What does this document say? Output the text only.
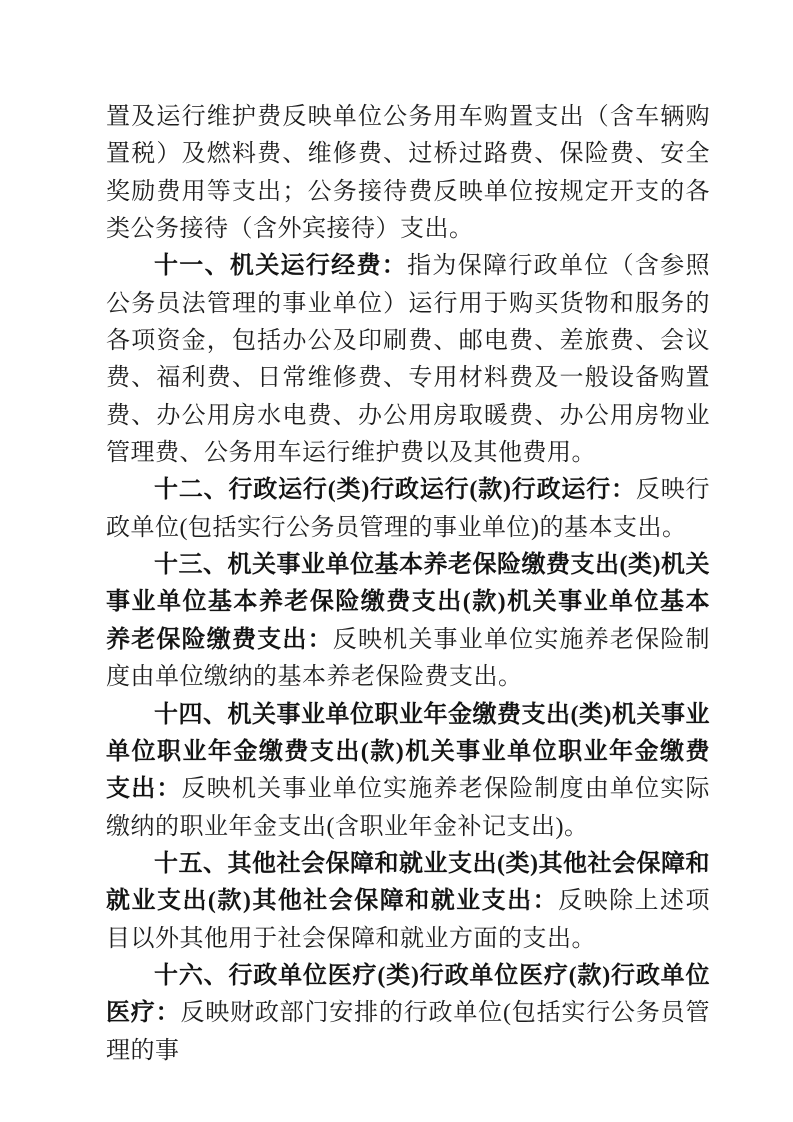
置及运行维护费反映单位公务用车购置支出（含车辆购置税）及燃料费、维修费、过桥过路费、保险费、安全奖励费用等支出；公务接待费反映单位按规定开支的各类公务接待（含外宾接待）支出。

十一、机关运行经费：指为保障行政单位（含参照公务员法管理的事业单位）运行用于购买货物和服务的各项资金，包括办公及印刷费、邮电费、差旅费、会议费、福利费、日常维修费、专用材料费及一般设备购置费、办公用房水电费、办公用房取暖费、办公用房物业管理费、公务用车运行维护费以及其他费用。

十二、行政运行(类)行政运行(款)行政运行：反映行政单位(包括实行公务员管理的事业单位)的基本支出。

十三、机关事业单位基本养老保险缴费支出(类)机关事业单位基本养老保险缴费支出(款)机关事业单位基本养老保险缴费支出：反映机关事业单位实施养老保险制度由单位缴纳的基本养老保险费支出。

十四、机关事业单位职业年金缴费支出(类)机关事业单位职业年金缴费支出(款)机关事业单位职业年金缴费支出：反映机关事业单位实施养老保险制度由单位实际缴纳的职业年金支出(含职业年金补记支出)。

十五、其他社会保障和就业支出(类)其他社会保障和就业支出(款)其他社会保障和就业支出：反映除上述项目以外其他用于社会保障和就业方面的支出。

十六、行政单位医疗(类)行政单位医疗(款)行政单位医疗：反映财政部门安排的行政单位(包括实行公务员管理的事
